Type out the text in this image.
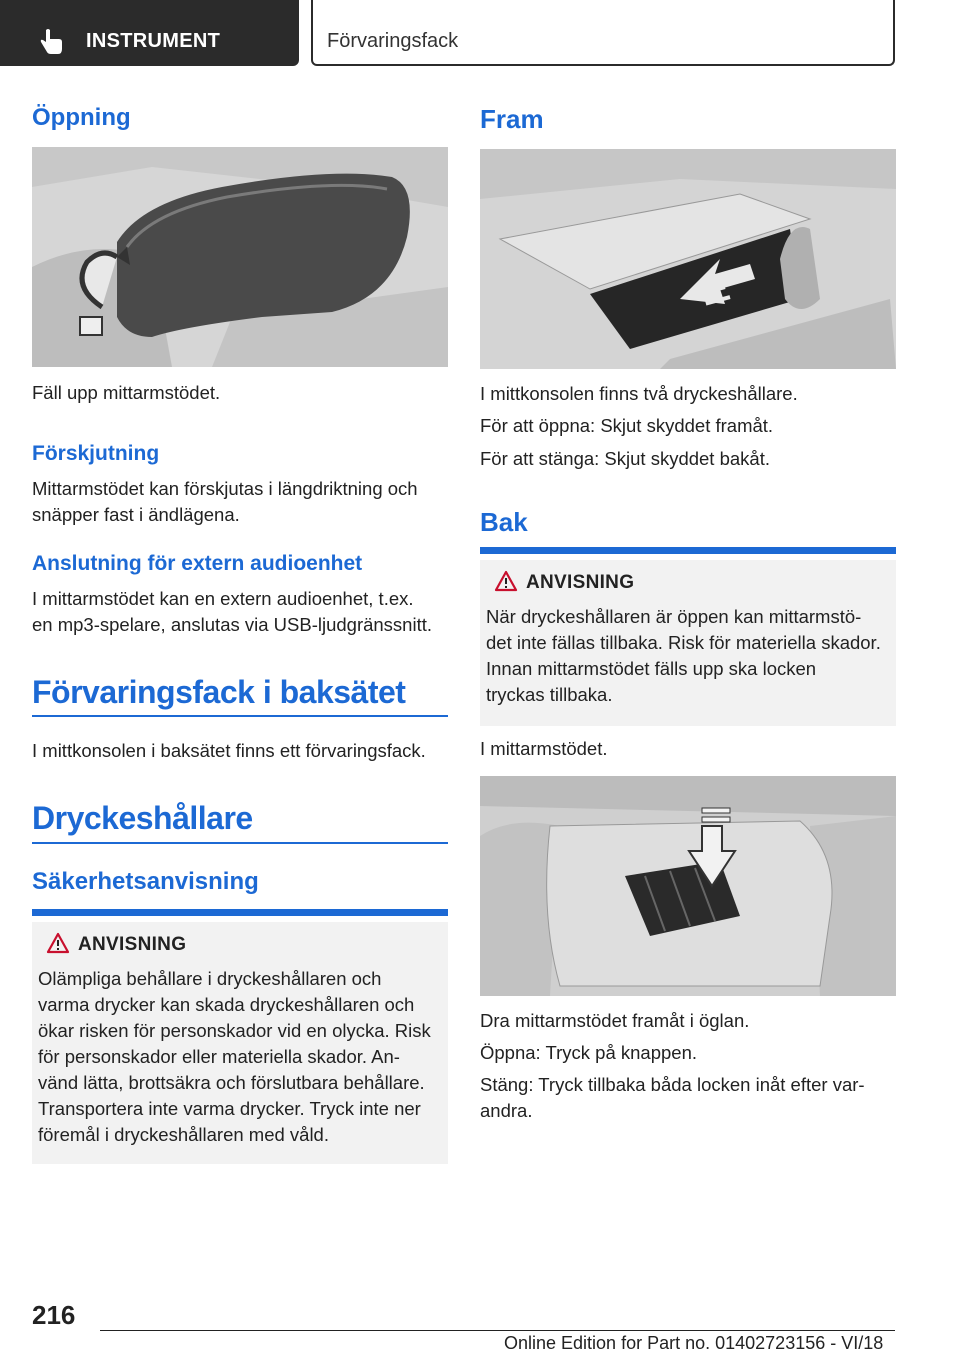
INSTRUMENT	Förvaringsfack
Öppning
Fäll upp mittarmstödet.
Förskjutning
Mittarmstödet kan förskjutas i längdriktning och
snäpper fast i ändlägena.
Anslutning för extern audioenhet
I mittarmstödet kan en extern audioenhet, t.ex.
en mp3-spelare, anslutas via USB-ljudgränssnitt.
Förvaringsfack i baksätet
I mittkonsolen i baksätet finns ett förvaringsfack.
Dryckeshållare
Säkerhetsanvisning
ANVISNING
Olämpliga behållare i dryckeshållaren och
varma drycker kan skada dryckeshållaren och
ökar risken för personskador vid en olycka. Risk
för personskador eller materiella skador. An-
vänd lätta, brottsäkra och förslutbara behållare.
Transportera inte varma drycker. Tryck inte ner
föremål i dryckeshållaren med våld.
Fram
I mittkonsolen finns två dryckeshållare.
För att öppna: Skjut skyddet framåt.
För att stänga: Skjut skyddet bakåt.
Bak
ANVISNING
När dryckeshållaren är öppen kan mittarmstö-
det inte fällas tillbaka. Risk för materiella skador.
Innan mittarmstödet fälls upp ska locken
tryckas tillbaka.
I mittarmstödet.
Dra mittarmstödet framåt i öglan.
Öppna: Tryck på knappen.
Stäng: Tryck tillbaka båda locken inåt efter var-
andra.
216
Online Edition for Part no. 01402723156 - VI/18
